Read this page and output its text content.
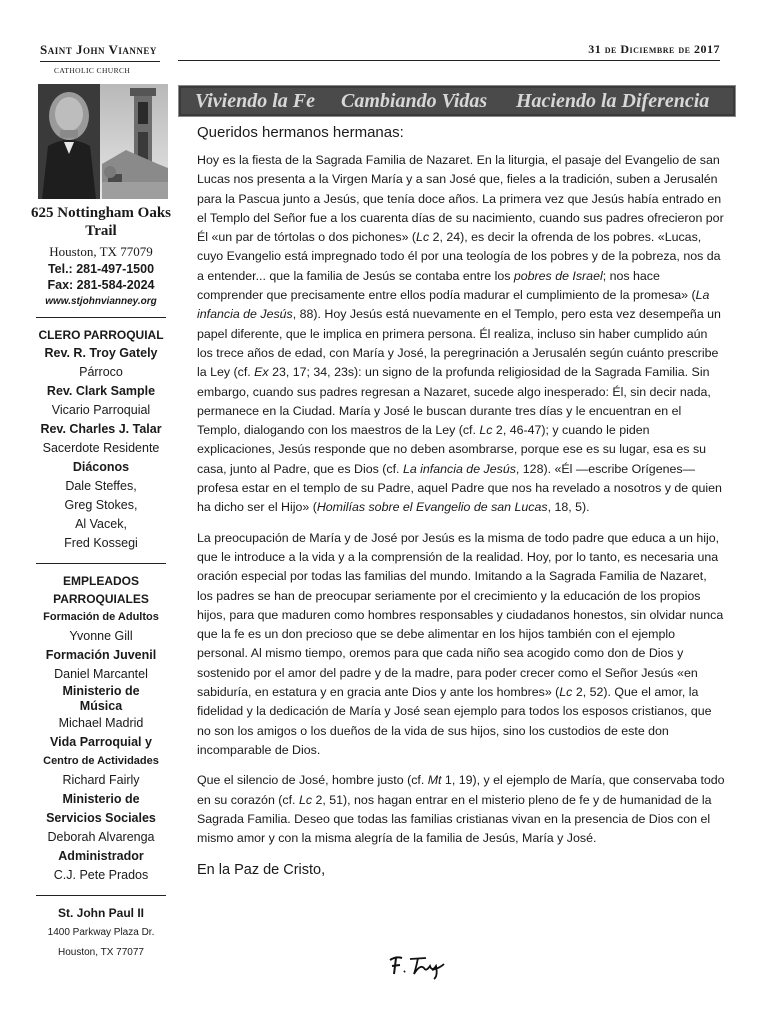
Saint John Vianney
CATHOLIC CHURCH
31 de Diciembre de 2017
Viviendo la Fe Cambiando Vidas Haciendo la Diferencia
625 Nottingham Oaks Trail
Houston, TX 77079
Tel.: 281-497-1500
Fax: 281-584-2024
www.stjohnvianney.org
CLERO PARROQUIAL
Rev. R. Troy Gately
Párroco
Rev. Clark Sample
Vicario Parroquial
Rev. Charles J. Talar
Sacerdote Residente
Diáconos
Dale Steffes,
Greg Stokes,
Al Vacek,
Fred Kossegi
EMPLEADOS
PARROQUIALES
Formación de Adultos
Yvonne Gill
Formación Juvenil
Daniel Marcantel
Ministerio de
Música
Michael Madrid
Vida Parroquial y
Centro de Actividades
Richard Fairly
Ministerio de
Servicios Sociales
Deborah Alvarenga
Administrador
C.J. Pete Prados
St. John Paul II
1400 Parkway Plaza Dr.
Houston, TX 77077
Queridos hermanos hermanas:

Hoy es la fiesta de la Sagrada Familia de Nazaret. En la liturgia, el pasaje del Evangelio de san Lucas nos presenta a la Virgen María y a san José que, fieles a la tradición, suben a Jerusalén para la Pascua junto a Jesús, que tenía doce años. La primera vez que Jesús había entrado en el Templo del Señor fue a los cuarenta días de su nacimiento, cuando sus padres ofrecieron por Él «un par de tórtolas o dos pichones» (Lc 2, 24), es decir la ofrenda de los pobres. «Lucas, cuyo Evangelio está impregnado todo él por una teología de los pobres y de la pobreza, nos da a entender... que la familia de Jesús se contaba entre los pobres de Israel; nos hace comprender que precisamente entre ellos podía madurar el cumplimiento de la promesa» (La infancia de Jesús, 88). Hoy Jesús está nuevamente en el Templo, pero esta vez desempeña un papel diferente, que le implica en primera persona. Él realiza, incluso sin haber cumplido aún los trece años de edad, con María y José, la peregrinación a Jerusalén según cuánto prescribe la Ley (cf. Ex 23, 17; 34, 23s): un signo de la profunda religiosidad de la Sagrada Familia. Sin embargo, cuando sus padres regresan a Nazaret, sucede algo inesperado: Él, sin decir nada, permanece en la Ciudad. María y José le buscan durante tres días y le encuentran en el Templo, dialogando con los maestros de la Ley (cf. Lc 2, 46-47); y cuando le piden explicaciones, Jesús responde que no deben asombrarse, porque ese es su lugar, esa es su casa, junto al Padre, que es Dios (cf. La infancia de Jesús, 128). «Él —escribe Orígenes— profesa estar en el templo de su Padre, aquel Padre que nos ha revelado a nosotros y de quien ha dicho ser el Hijo» (Homilías sobre el Evangelio de san Lucas, 18, 5).

La preocupación de María y de José por Jesús es la misma de todo padre que educa a un hijo, que le introduce a la vida y a la comprensión de la realidad. Hoy, por lo tanto, es necesaria una oración especial por todas las familias del mundo. Imitando a la Sagrada Familia de Nazaret, los padres se han de preocupar seriamente por el crecimiento y la educación de los propios hijos, para que maduren como hombres responsables y ciudadanos honestos, sin olvidar nunca que la fe es un don precioso que se debe alimentar en los hijos también con el ejemplo personal. Al mismo tiempo, oremos para que cada niño sea acogido como don de Dios y sostenido por el amor del padre y de la madre, para poder crecer como el Señor Jesús «en sabiduría, en estatura y en gracia ante Dios y ante los hombres» (Lc 2, 52). Que el amor, la fidelidad y la dedicación de María y José sean ejemplo para todos los esposos cristianos, que no son los amigos o los dueños de la vida de sus hijos, sino los custodios de este don incomparable de Dios.

Que el silencio de José, hombre justo (cf. Mt 1, 19), y el ejemplo de María, que conservaba todo en su corazón (cf. Lc 2, 51), nos hagan entrar en el misterio pleno de fe y de humanidad de la Sagrada Familia. Deseo que todas las familias cristianas vivan en la presencia de Dios con el mismo amor y con la misma alegría de la familia de Jesús, María y José.

En la Paz de Cristo,
